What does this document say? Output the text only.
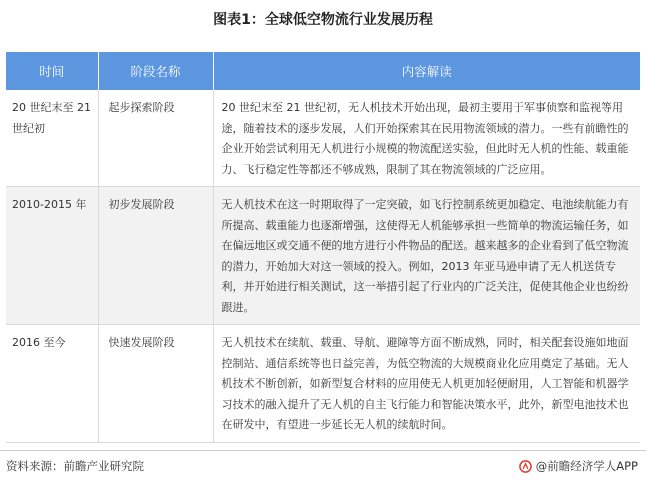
图表1：全球低空物流行业发展历程
时间	阶段名称	内容解读
20 世纪末至 21 世纪初	起步探索阶段	20 世纪末至 21 世纪初，无人机技术开始出现，最初主要用于军事侦察和监视等用途，随着技术的逐步发展，人们开始探索其在民用物流领域的潜力。一些有前瞻性的企业开始尝试利用无人机进行小规模的物流配送实验，但此时无人机的性能、载重能力、飞行稳定性等都还不够成熟，限制了其在物流领域的广泛应用。
2010-2015 年	初步发展阶段	无人机技术在这一时期取得了一定突破，如飞行控制系统更加稳定、电池续航能力有所提高、载重能力也逐渐增强，这使得无人机能够承担一些简单的物流运输任务，如在偏远地区或交通不便的地方进行小件物品的配送。越来越多的企业看到了低空物流的潜力，开始加大对这一领域的投入。例如，2013 年亚马逊申请了无人机送货专利，并开始进行相关测试，这一举措引起了行业内的广泛关注，促使其他企业也纷纷跟进。
2016 至今	快速发展阶段	无人机技术在续航、载重、导航、避障等方面不断成熟，同时，相关配套设施如地面控制站、通信系统等也日益完善，为低空物流的大规模商业化应用奠定了基础。无人机技术不断创新，如新型复合材料的应用使无人机更加轻便耐用，人工智能和机器学习技术的融入提升了无人机的自主飞行能力和智能决策水平，此外，新型电池技术也在研发中，有望进一步延长无人机的续航时间。
资料来源：前瞻产业研究院	@前瞻经济学人APP
